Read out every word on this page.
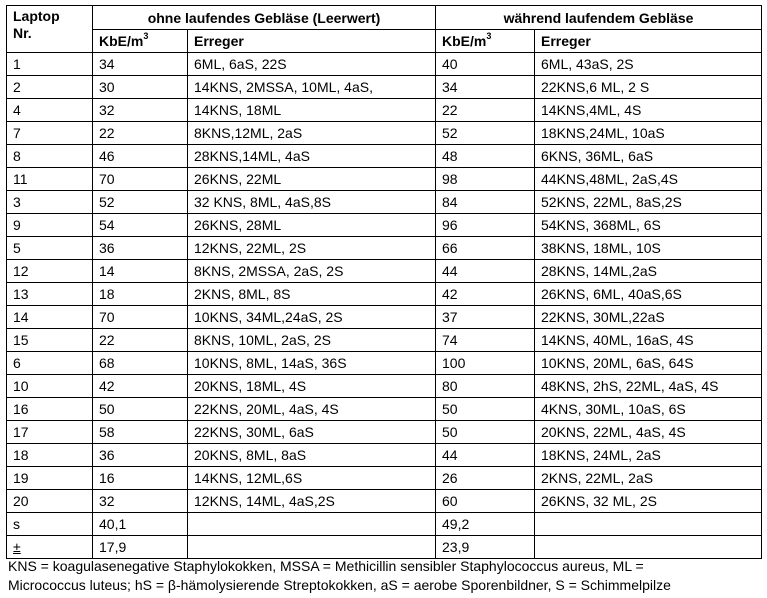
Laptop
Nr.	ohne laufendes Gebläse (Leerwert)		während laufendem Gebläse	
	KbE/$m^3$	Erreger	KbE/$m^3$	Erreger
1	34	6ML, 6aS, 22S	40	6ML, 43aS, 2S
2	30	14KNS, 2MSSA, 10ML, 4aS,	34	22KNS,6 ML, 2 S
4	32	14KNS, 18ML	22	14KNS,4ML, 4S
7	22	8KNS,12ML, 2aS	52	18KNS,24ML, 10aS
8	46	28KNS,14ML, 4aS	48	6KNS, 36ML, 6aS
11	70	26KNS, 22ML	98	44KNS,48ML, 2aS,4S
3	52	32 KNS, 8ML, 4aS,8S	84	52KNS, 22ML, 8aS,2S
9	54	26KNS, 28ML	96	54KNS, 368ML, 6S
5	36	12KNS, 22ML, 2S	66	38KNS, 18ML, 10S
12	14	8KNS, 2MSSA, 2aS, 2S	44	28KNS, 14ML,2aS
13	18	2KNS, 8ML, 8S	42	26KNS, 6ML, 40aS,6S
14	70	10KNS, 34ML,24aS, 2S	37	22KNS, 30ML,22aS
15	22	8KNS, 10ML, 2aS, 2S	74	14KNS, 40ML, 16aS, 4S
6	68	10KNS, 8ML, 14aS, 36S	100	10KNS, 20ML, 6aS, 64S
10	42	20KNS, 18ML, 4S	80	48KNS, 2hS, 22ML, 4aS, 4S
16	50	22KNS, 20ML, 4aS, 4S	50	4KNS, 30ML, 10aS, 6S
17	58	22KNS, 30ML, 6aS	50	20KNS, 22ML, 4aS, 4S
18	36	20KNS, 8ML, 8aS	44	18KNS, 24ML, 2aS
19	16	14KNS, 12ML,6S	26	2KNS, 22ML, 2aS
20	32	12KNS, 14ML, 4aS,2S	60	26KNS, 32 ML, 2S
s	40,1		49,2	
±	17,9		23,9	
KNS = koagulasenegative Staphylokokken, MSSA = Methicillin sensibler Staphylococcus aureus, ML =
Micrococcus luteus; hS = β-hämolysierende Streptokokken, aS = aerobe Sporenbildner, S = Schimmelpilze
